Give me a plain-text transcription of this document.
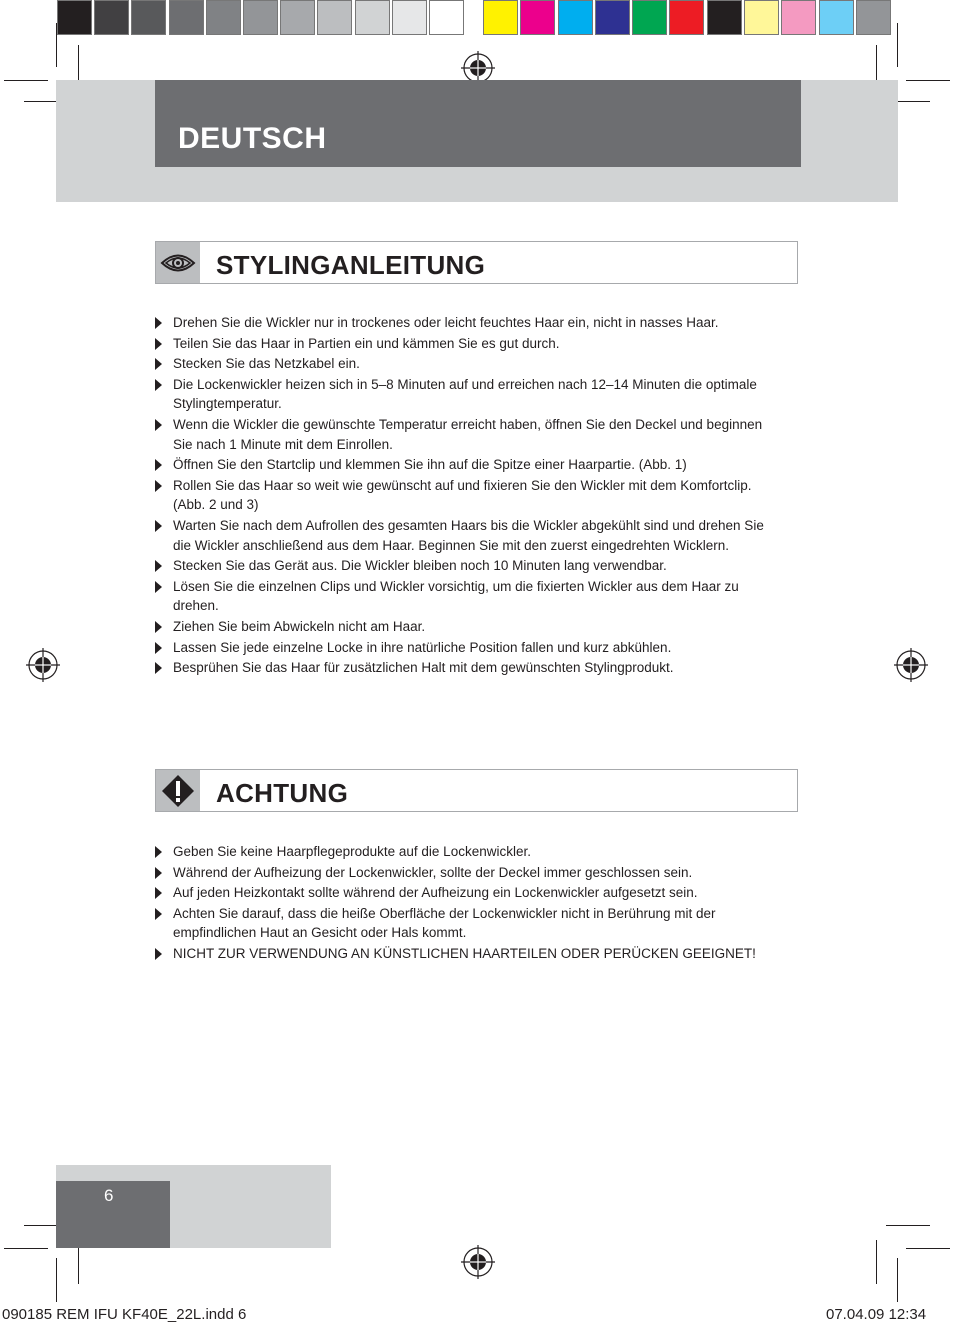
DEUTSCH
STYLINGANLEITUNG
Drehen Sie die Wickler nur in trockenes oder leicht feuchtes Haar ein, nicht in nasses Haar.
Teilen Sie das Haar in Partien ein und kämmen Sie es gut durch.
Stecken Sie das Netzkabel ein.
Die Lockenwickler heizen sich in 5–8 Minuten auf und erreichen nach 12–14 Minuten die optimale Stylingtemperatur.
Wenn die Wickler die gewünschte Temperatur erreicht haben, öffnen Sie den Deckel und beginnen Sie nach 1 Minute mit dem Einrollen.
Öffnen Sie den Startclip und klemmen Sie ihn auf die Spitze einer Haarpartie. (Abb. 1)
Rollen Sie das Haar so weit wie gewünscht auf und fixieren Sie den Wickler mit dem Komfortclip. (Abb. 2 und 3)
Warten Sie nach dem Aufrollen des gesamten Haars bis die Wickler abgekühlt sind und drehen Sie die Wickler anschließend aus dem Haar. Beginnen Sie mit den zuerst eingedrehten Wicklern.
Stecken Sie das Gerät aus. Die Wickler bleiben noch 10 Minuten lang verwendbar.
Lösen Sie die einzelnen Clips und Wickler vorsichtig, um die fixierten Wickler aus dem Haar zu drehen.
Ziehen Sie beim Abwickeln nicht am Haar.
Lassen Sie jede einzelne Locke in ihre natürliche Position fallen und kurz abkühlen.
Besprühen Sie das Haar für zusätzlichen Halt mit dem gewünschten Stylingprodukt.
ACHTUNG
Geben Sie keine Haarpflegeprodukte auf die Lockenwickler.
Während der Aufheizung der Lockenwickler, sollte der Deckel immer geschlossen sein.
Auf jeden Heizkontakt sollte während der Aufheizung ein Lockenwickler aufgesetzt sein.
Achten Sie darauf, dass die heiße Oberfläche der Lockenwickler nicht in Berührung mit der empfindlichen Haut an Gesicht oder Hals kommt.
NICHT ZUR VERWENDUNG AN KÜNSTLICHEN HAARTEILEN ODER PERÜCKEN GEEIGNET!
6
090185 REM IFU KF40E_22L.indd 6	07.04.09 12:34
